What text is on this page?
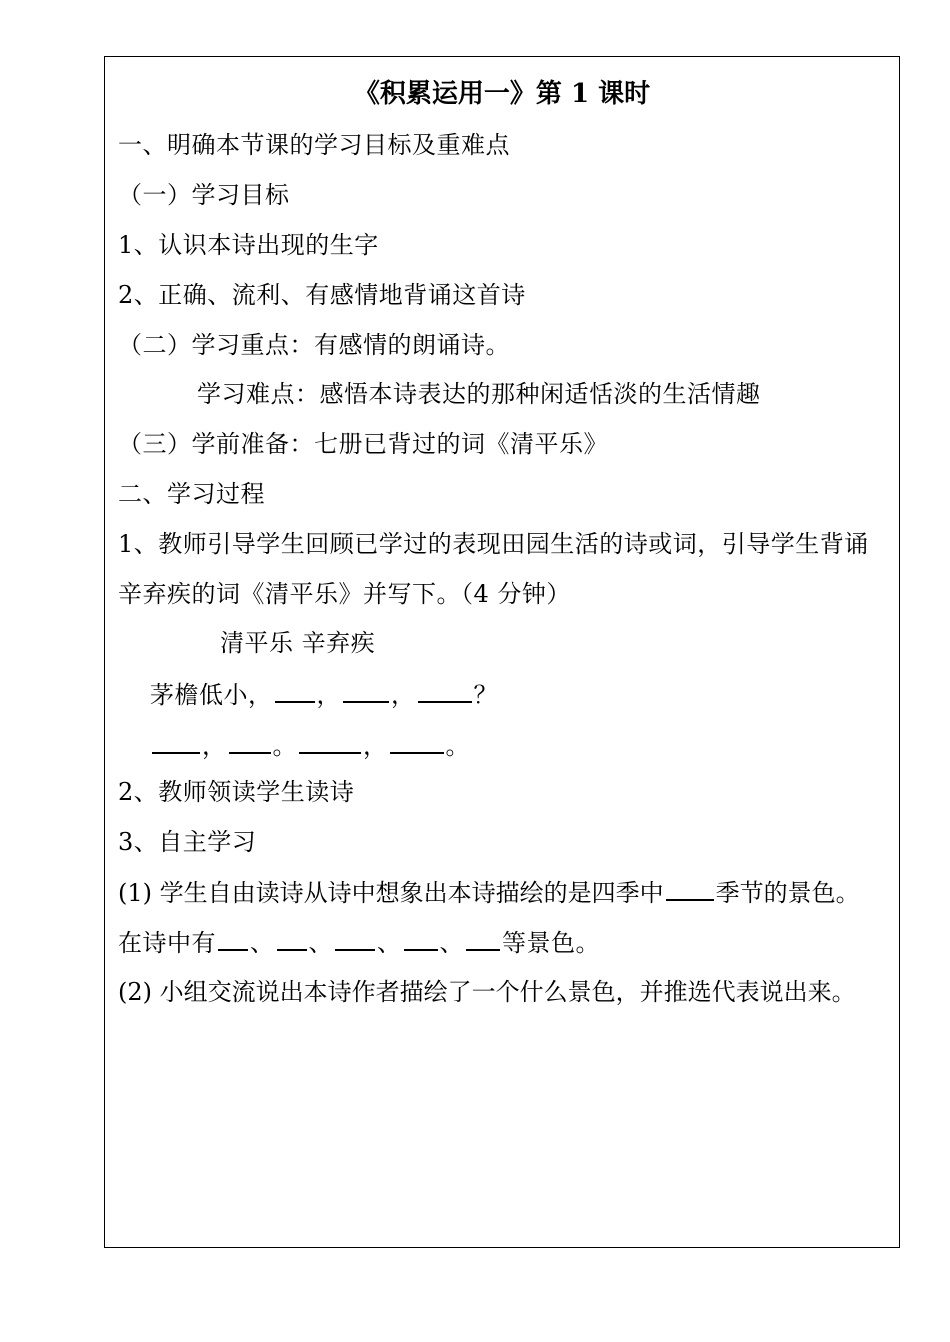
《积累运用一》第 1 课时
一、明确本节课的学习目标及重难点
（一）学习目标
1、认识本诗出现的生字
2、正确、流利、有感情地背诵这首诗
（二）学习重点：有感情的朗诵诗。
学习难点：感悟本诗表达的那种闲适恬淡的生活情趣
（三）学前准备：七册已背过的词《清平乐》
二、学习过程
1、教师引导学生回顾已学过的表现田园生活的诗或词，引导学生背诵
辛弃疾的词《清平乐》并写下。（4 分钟）
清平乐 辛弃疾
茅檐低小， ， ， ？
， 。	， 。
2、教师领读学生读诗
3、自主学习
(1) 学生自由读诗从诗中想象出本诗描绘的是四季中 季节的景色。
在诗中有 、 、 、 、 等景色。
(2) 小组交流说出本诗作者描绘了一个什么景色，并推选代表说出来。
